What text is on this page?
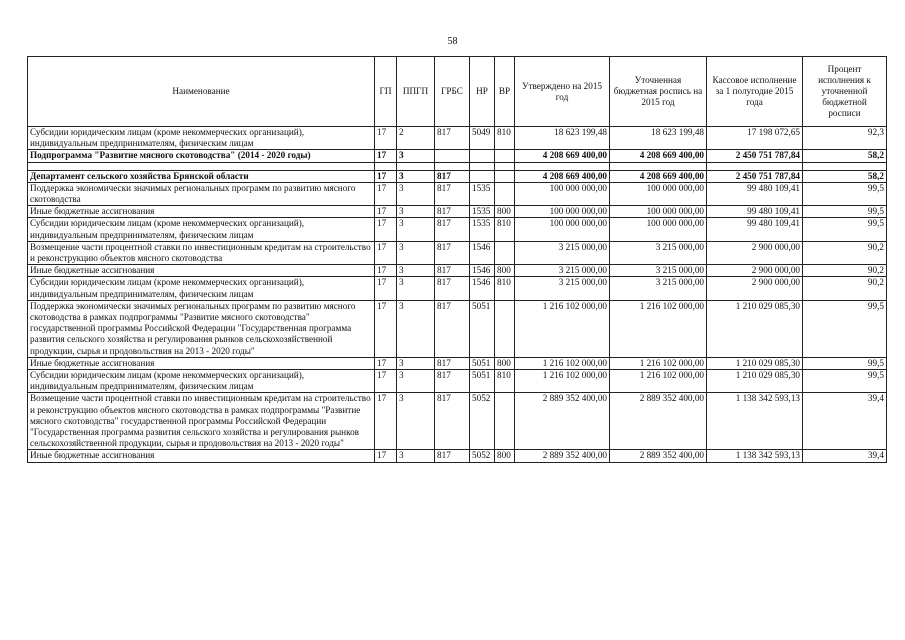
58
Наименование	ГП	ППГП	ГРБС	НР	ВР	Утверждено на 2015 год	Уточненная бюджетная роспись на 2015 год	Кассовое исполнение за 1 полугодие 2015 года	Процент исполнения к уточненной бюджетной росписи
Субсидии юридическим лицам (кроме некоммерческих организаций), индивидуальным предпринимателям, физическим лицам	17	2	817	5049	810	18 623 199,48	18 623 199,48	17 198 072,65	92,3
Подпрограмма "Развитие мясного скотоводства" (2014 - 2020 годы)	17	3				4 208 669 400,00	4 208 669 400,00	2 450 751 787,84	58,2

Департамент сельского хозяйства Брянской области	17	3	817			4 208 669 400,00	4 208 669 400,00	2 450 751 787,84	58,2
Поддержка экономически значимых региональных программ по развитию мясного скотоводства	17	3	817	1535		100 000 000,00	100 000 000,00	99 480 109,41	99,5
Иные бюджетные ассигнования	17	3	817	1535	800	100 000 000,00	100 000 000,00	99 480 109,41	99,5
Субсидии юридическим лицам (кроме некоммерческих организаций), индивидуальным предпринимателям, физическим лицам	17	3	817	1535	810	100 000 000,00	100 000 000,00	99 480 109,41	99,5
Возмещение части процентной ставки по инвестиционным кредитам на строительство и реконструкцию объектов мясного скотоводства	17	3	817	1546		3 215 000,00	3 215 000,00	2 900 000,00	90,2
Иные бюджетные ассигнования	17	3	817	1546	800	3 215 000,00	3 215 000,00	2 900 000,00	90,2
Субсидии юридическим лицам (кроме некоммерческих организаций), индивидуальным предпринимателям, физическим лицам	17	3	817	1546	810	3 215 000,00	3 215 000,00	2 900 000,00	90,2
Поддержка экономически значимых региональных программ по развитию мясного скотоводства в рамках подпрограммы "Развитие мясного скотоводства" государственной программы Российской Федерации "Государственная программа развития сельского хозяйства и регулирования рынков сельскохозяйственной продукции, сырья и продовольствия на 2013 - 2020 годы"	17	3	817	5051		1 216 102 000,00	1 216 102 000,00	1 210 029 085,30	99,5
Иные бюджетные ассигнования	17	3	817	5051	800	1 216 102 000,00	1 216 102 000,00	1 210 029 085,30	99,5
Субсидии юридическим лицам (кроме некоммерческих организаций), индивидуальным предпринимателям, физическим лицам	17	3	817	5051	810	1 216 102 000,00	1 216 102 000,00	1 210 029 085,30	99,5
Возмещение части процентной ставки по инвестиционным кредитам на строительство и реконструкцию объектов мясного скотоводства в рамках подпрограммы "Развитие мясного скотоводства" государственной программы Российской Федерации "Государственная программа развития сельского хозяйства и регулирования рынков сельскохозяйственной продукции, сырья и продовольствия на 2013 - 2020 годы"	17	3	817	5052		2 889 352 400,00	2 889 352 400,00	1 138 342 593,13	39,4
Иные бюджетные ассигнования	17	3	817	5052	800	2 889 352 400,00	2 889 352 400,00	1 138 342 593,13	39,4
